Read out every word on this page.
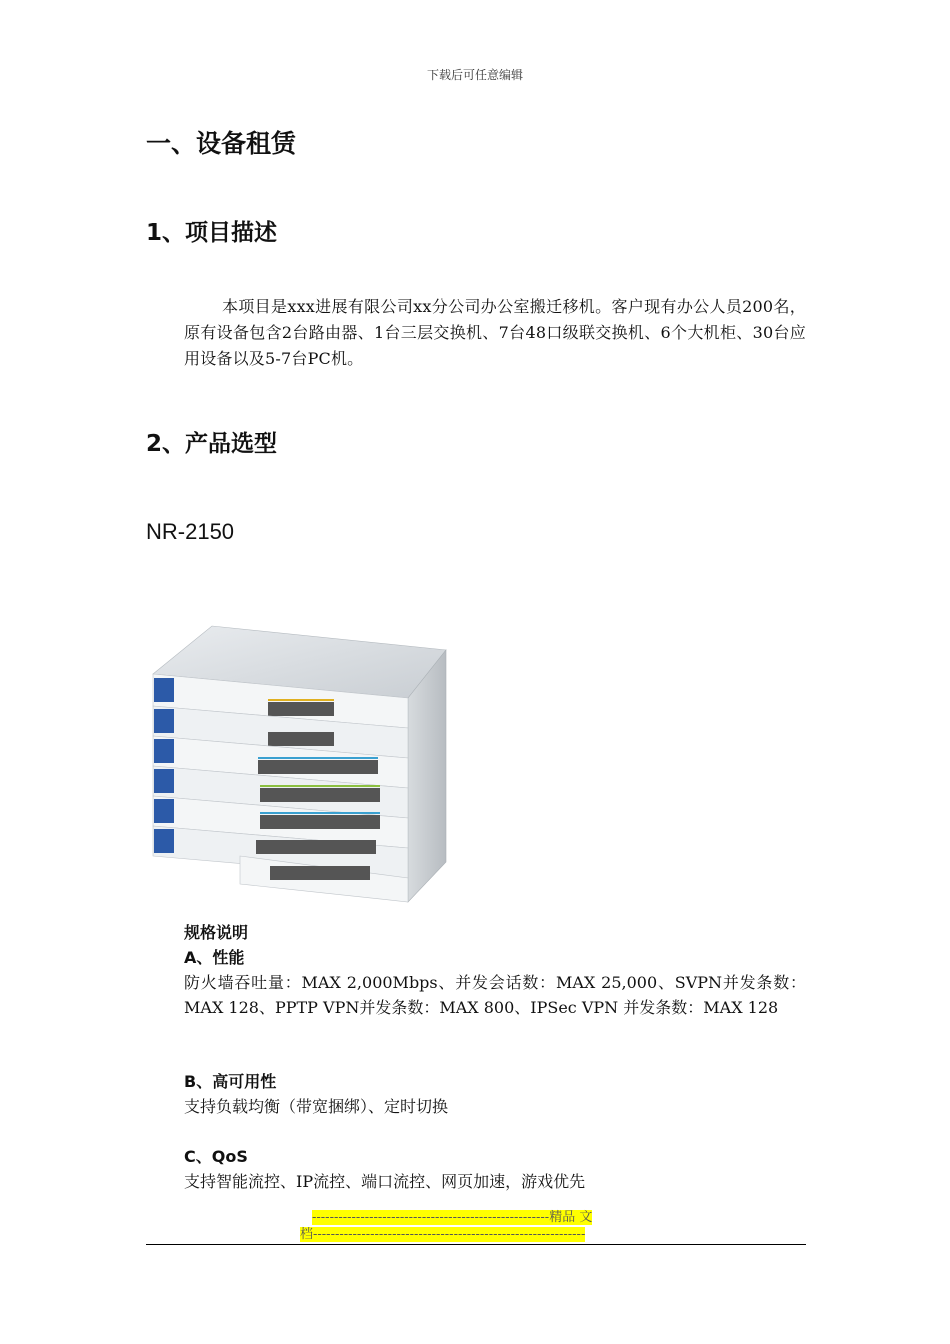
下载后可任意编辑
一、设备租赁
1、项目描述
本项目是xxx进展有限公司xx分公司办公室搬迁移机。客户现有办公人员200名，原有设备包含2台路由器、1台三层交换机、7台48口级联交换机、6个大机柜、30台应用设备以及5-7台PC机。
2、产品选型
NR-2150
规格说明
A、性能
防火墙吞吐量：MAX 2,000Mbps、并发会话数：MAX 25,000、SVPN并发条数：MAX 128、PPTP VPN并发条数：MAX 800、IPSec VPN 并发条数：MAX 128
B、高可用性
支持负载均衡（带宽捆绑）、定时切换
C、QoS
支持智能流控、IP流控、端口流控、网页加速，游戏优先
------------------------------------------------------精品 文
档--------------------------------------------------------------
